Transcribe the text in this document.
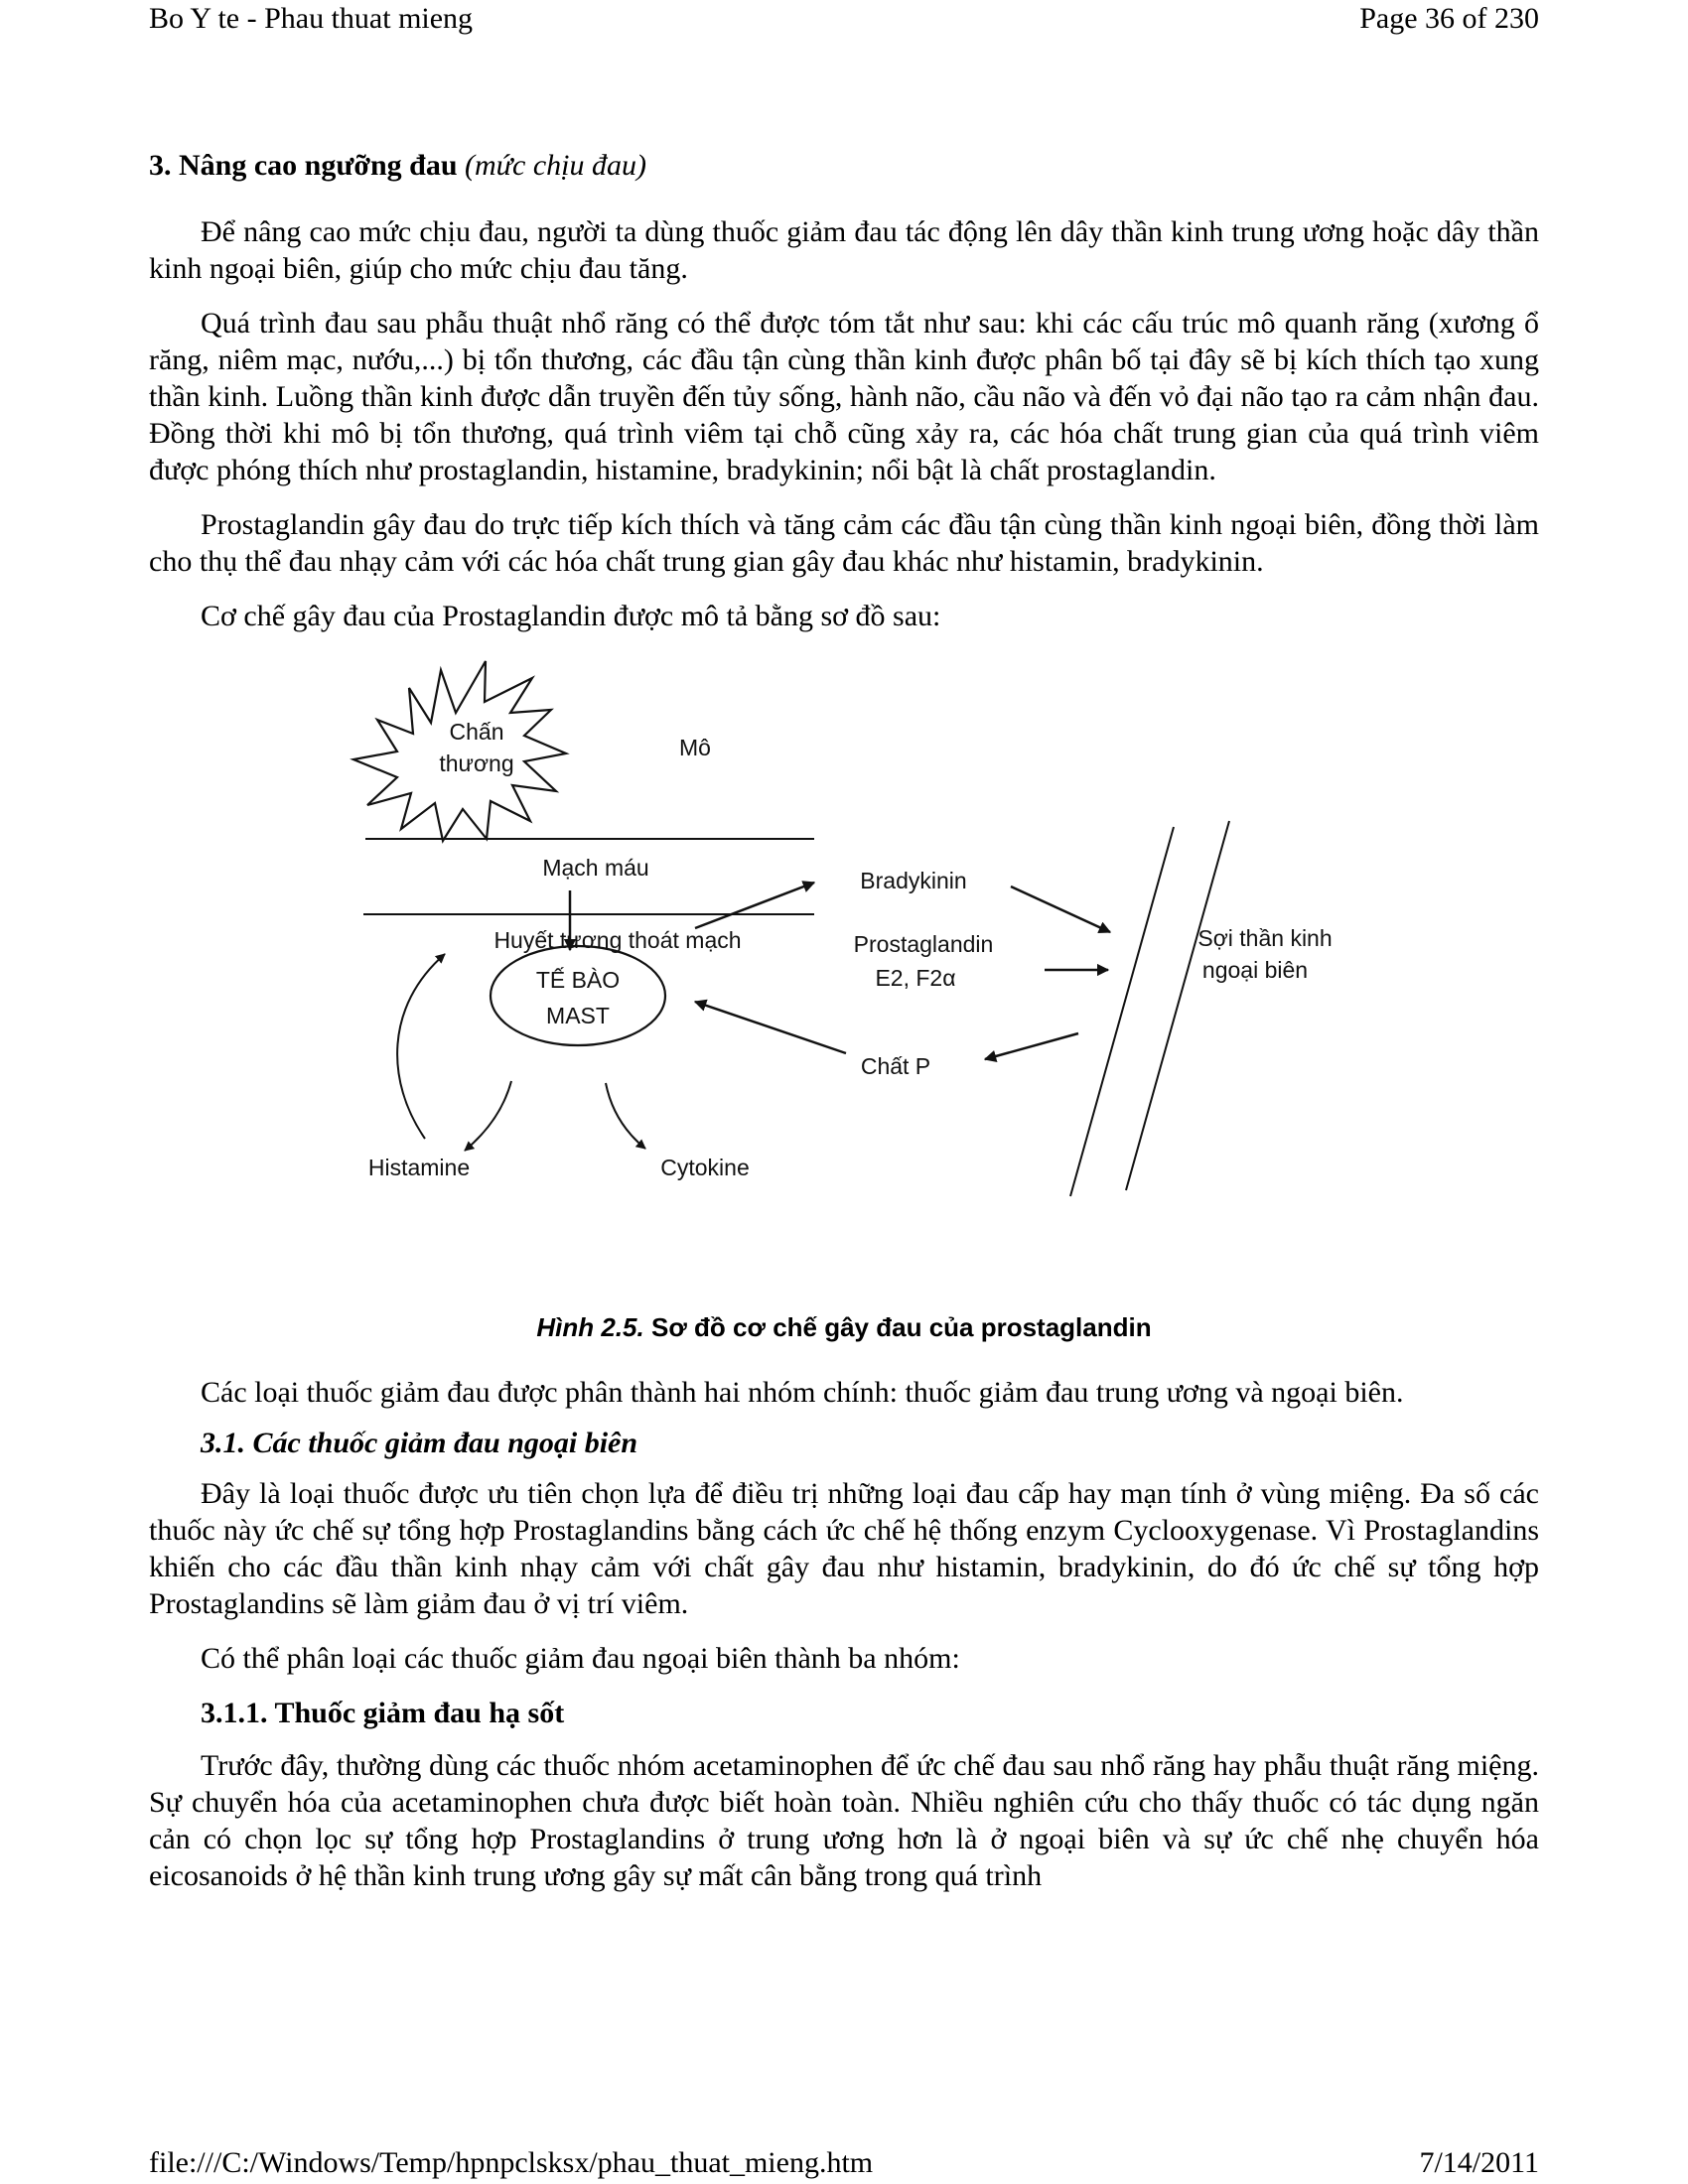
Bo Y te - Phau thuat mieng	Page 36 of 230

3. Nâng cao ngưỡng đau (mức chịu đau)

Để nâng cao mức chịu đau, người ta dùng thuốc giảm đau tác động lên dây thần kinh trung ương hoặc dây thần kinh ngoại biên, giúp cho mức chịu đau tăng.

Quá trình đau sau phẫu thuật nhổ răng có thể được tóm tắt như sau: khi các cấu trúc mô quanh răng (xương ổ răng, niêm mạc, nướu,...) bị tổn thương, các đầu tận cùng thần kinh được phân bố tại đây sẽ bị kích thích tạo xung thần kinh. Luồng thần kinh được dẫn truyền đến tủy sống, hành não, cầu não và đến vỏ đại não tạo ra cảm nhận đau. Đồng thời khi mô bị tổn thương, quá trình viêm tại chỗ cũng xảy ra, các hóa chất trung gian của quá trình viêm được phóng thích như prostaglandin, histamine, bradykinin; nổi bật là chất prostaglandin.

Prostaglandin gây đau do trực tiếp kích thích và tăng cảm các đầu tận cùng thần kinh ngoại biên, đồng thời làm cho thụ thể đau nhạy cảm với các hóa chất trung gian gây đau khác như histamin, bradykinin.

Cơ chế gây đau của Prostaglandin được mô tả bằng sơ đồ sau:

Chấn
thương
Mô
Mạch máu
Huyết tương thoát mạch
TẾ BÀO
MAST
Bradykinin
Prostaglandin
E2, F2α
Sợi thần kinh
ngoại biên
Chất P
Histamine	Cytokine

Hình 2.5. Sơ đồ cơ chế gây đau của prostaglandin

Các loại thuốc giảm đau được phân thành hai nhóm chính: thuốc giảm đau trung ương và ngoại biên.

3.1. Các thuốc giảm đau ngoại biên

Đây là loại thuốc được ưu tiên chọn lựa để điều trị những loại đau cấp hay mạn tính ở vùng miệng. Đa số các thuốc này ức chế sự tổng hợp Prostaglandins bằng cách ức chế hệ thống enzym Cyclooxygenase. Vì Prostaglandins khiến cho các đầu thần kinh nhạy cảm với chất gây đau như histamin, bradykinin, do đó ức chế sự tổng hợp Prostaglandins sẽ làm giảm đau ở vị trí viêm.

Có thể phân loại các thuốc giảm đau ngoại biên thành ba nhóm:

3.1.1. Thuốc giảm đau hạ sốt

Trước đây, thường dùng các thuốc nhóm acetaminophen để ức chế đau sau nhổ răng hay phẫu thuật răng miệng. Sự chuyển hóa của acetaminophen chưa được biết hoàn toàn. Nhiều nghiên cứu cho thấy thuốc có tác dụng ngăn cản có chọn lọc sự tổng hợp Prostaglandins ở trung ương hơn là ở ngoại biên và sự ức chế nhẹ chuyển hóa eicosanoids ở hệ thần kinh trung ương gây sự mất cân bằng trong quá trình

file:///C:/Windows/Temp/hpnpclsksx/phau_thuat_mieng.htm	7/14/2011
